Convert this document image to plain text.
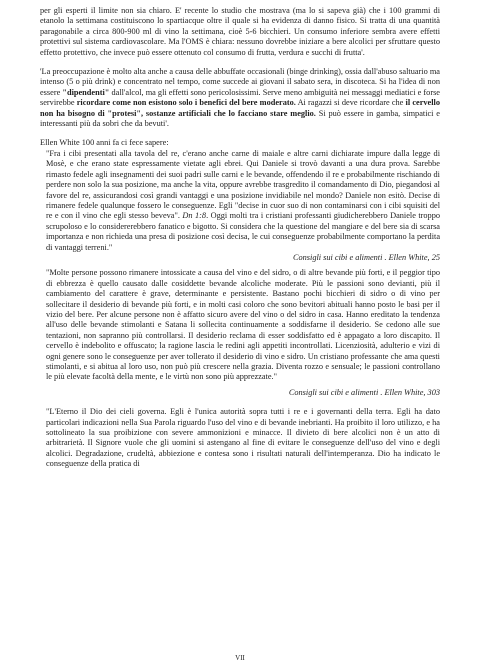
per gli esperti il limite non sia chiaro. E' recente lo studio che mostrava (ma lo si sapeva già) che i 100 grammi di etanolo la settimana costituiscono lo spartiacque oltre il quale si ha evidenza di danno fisico. Si tratta di una quantità paragonabile a circa 800-900 ml di vino la settimana, cioè 5-6 bicchieri. Un consumo inferiore sembra avere effetti protettivi sul sistema cardiovascolare. Ma l'OMS è chiara: nessuno dovrebbe iniziare a bere alcolici per sfruttare questo effetto protettivo, che invece può essere ottenuto col consumo di frutta, verdura e succhi di frutta'.

'La preoccupazione è molto alta anche a causa delle abbuffate occasionali (binge drinking), ossia dall'abuso saltuario ma intenso (5 o più drink) e concentrato nel tempo, come succede ai giovani il sabato sera, in discoteca. Si ha l'idea di non essere "dipendenti" dall'alcol, ma gli effetti sono pericolosissimi. Serve meno ambiguità nei messaggi mediatici e forse servirebbe ricordare come non esistono solo i benefici del bere moderato. Ai ragazzi si deve ricordare che il cervello non ha bisogno di "protesi", sostanze artificiali che lo facciano stare meglio. Si può essere in gamba, simpatici e interessanti più da sobri che da bevuti'.

Ellen White 100 anni fa ci fece sapere:

"Fra i cibi presentati alla tavola del re, c'erano anche carne di maiale e altre carni dichiarate impure dalla legge di Mosè, e che erano state espressamente vietate agli ebrei. Qui Daniele si trovò davanti a una dura prova. Sarebbe rimasto fedele agli insegnamenti dei suoi padri sulle carni e le bevande, offendendo il re e probabilmente rischiando di perdere non solo la sua posizione, ma anche la vita, oppure avrebbe trasgredito il comandamento di Dio, piegandosi al favore del re, assicurandosi così grandi vantaggi e una posizione invidiabile nel mondo? Daniele non esitò. Decise di rimanere fedele qualunque fossero le conseguenze. Egli "decise in cuor suo di non contaminarsi con i cibi squisiti del re e con il vino che egli stesso beveva". Dn 1:8. Oggi molti tra i cristiani professanti giudicherebbero Daniele troppo scrupoloso e lo considererebbero fanatico e bigotto. Si considera che la questione del mangiare e del bere sia di scarsa importanza e non richieda una presa di posizione così decisa, le cui conseguenze probabilmente comportano la perdita di vantaggi terreni."

Consigli sui cibi e alimenti . Ellen White, 25

"Molte persone possono rimanere intossicate a causa del vino e del sidro, o di altre bevande più forti, e il peggior tipo di ebbrezza è quello causato dalle cosiddette bevande alcoliche moderate. Più le passioni sono devianti, più il cambiamento del carattere è grave, determinante e persistente. Bastano pochi bicchieri di sidro o di vino per sollecitare il desiderio di bevande più forti, e in molti casi coloro che sono bevitori abituali hanno posto le basi per il vizio del bere. Per alcune persone non è affatto sicuro avere del vino o del sidro in casa. Hanno ereditato la tendenza all'uso delle bevande stimolanti e Satana li sollecita continuamente a soddisfarne il desiderio. Se cedono alle sue tentazioni, non sapranno più controllarsi. Il desiderio reclama di esser soddisfatto ed è appagato a loro discapito. Il cervello è indebolito e offuscato; la ragione lascia le redini agli appetiti incontrollati. Licenziosità, adulterio e vizi di ogni genere sono le conseguenze per aver tollerato il desiderio di vino e sidro. Un cristiano professante che ama questi stimolanti, e si abitua al loro uso, non può più crescere nella grazia. Diventa rozzo e sensuale; le passioni controllano le più elevate facoltà della mente, e le virtù non sono più apprezzate."

Consigli sui cibi e alimenti . Ellen White, 303

"L'Eterno il Dio dei cieli governa. Egli è l'unica autorità sopra tutti i re e i governanti della terra. Egli ha dato particolari indicazioni nella Sua Parola riguardo l'uso del vino e di bevande inebrianti. Ha proibito il loro utilizzo, e ha sottolineato la sua proibizione con severe ammonizioni e minacce. Il divieto di bere alcolici non è un atto di arbitrarietà. Il Signore vuole che gli uomini si astengano al fine di evitare le conseguenze dell'uso del vino e degli alcolici. Degradazione, crudeltà, abbiezione e contesa sono i risultati naturali dell'intemperanza. Dio ha indicato le conseguenze della pratica di

VII
